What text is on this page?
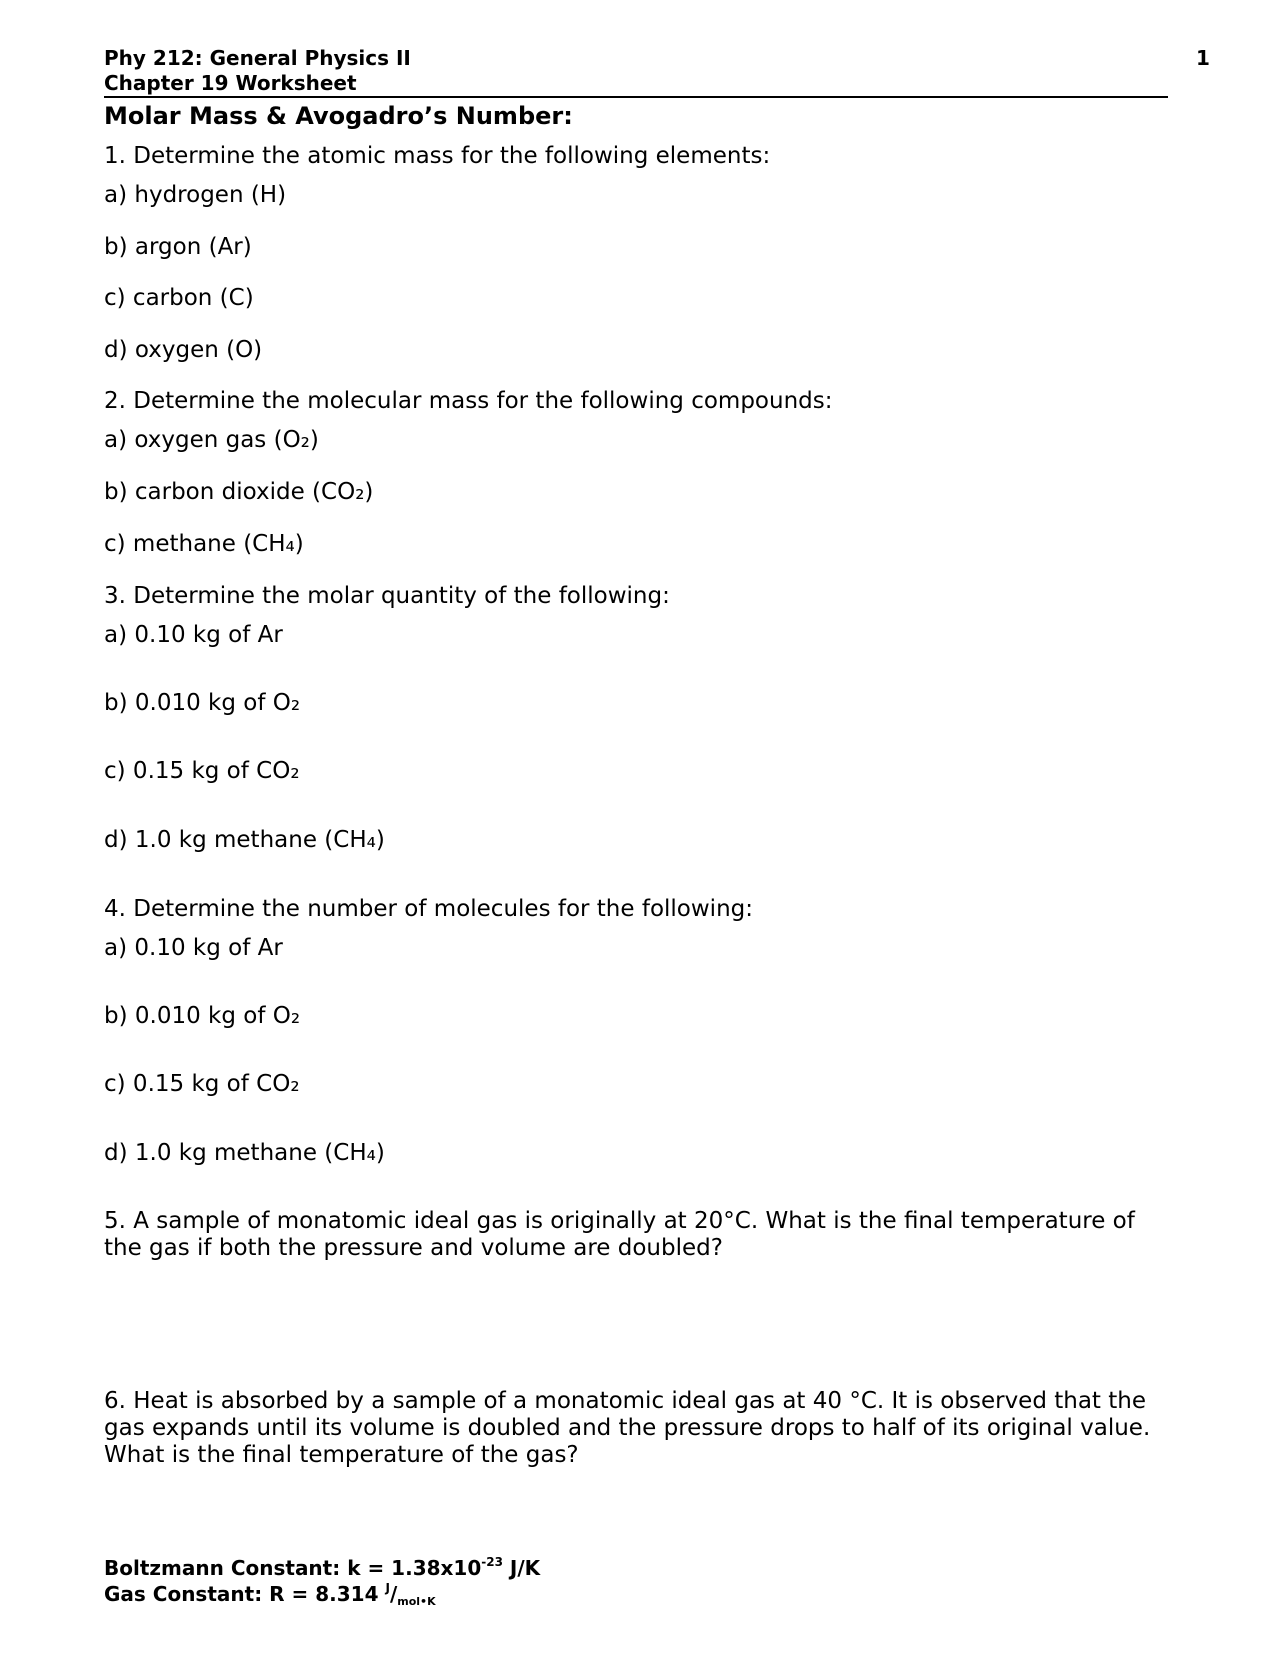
Phy 212: General Physics II
Chapter 19 Worksheet
1
Molar Mass & Avogadro’s Number:
1. Determine the atomic mass for the following elements:
a) hydrogen (H)
b) argon (Ar)
c) carbon (C)
d) oxygen (O)
2. Determine the molecular mass for the following compounds:
a) oxygen gas (O₂)
b) carbon dioxide (CO₂)
c) methane (CH₄)
3. Determine the molar quantity of the following:
a) 0.10 kg of Ar
b) 0.010 kg of O₂
c) 0.15 kg of CO₂
d) 1.0 kg methane (CH₄)
4. Determine the number of molecules for the following:
a) 0.10 kg of Ar
b) 0.010 kg of O₂
c) 0.15 kg of CO₂
d) 1.0 kg methane (CH₄)
5. A sample of monatomic ideal gas is originally at 20°C. What is the final temperature of the gas if both the pressure and volume are doubled?
6. Heat is absorbed by a sample of a monatomic ideal gas at 40 °C. It is observed that the gas expands until its volume is doubled and the pressure drops to half of its original value. What is the final temperature of the gas?
Boltzmann Constant: $k = 1.38x10^{-23}$ J/K
Gas Constant: R = 8.314 $^J/_{mol•K}$
